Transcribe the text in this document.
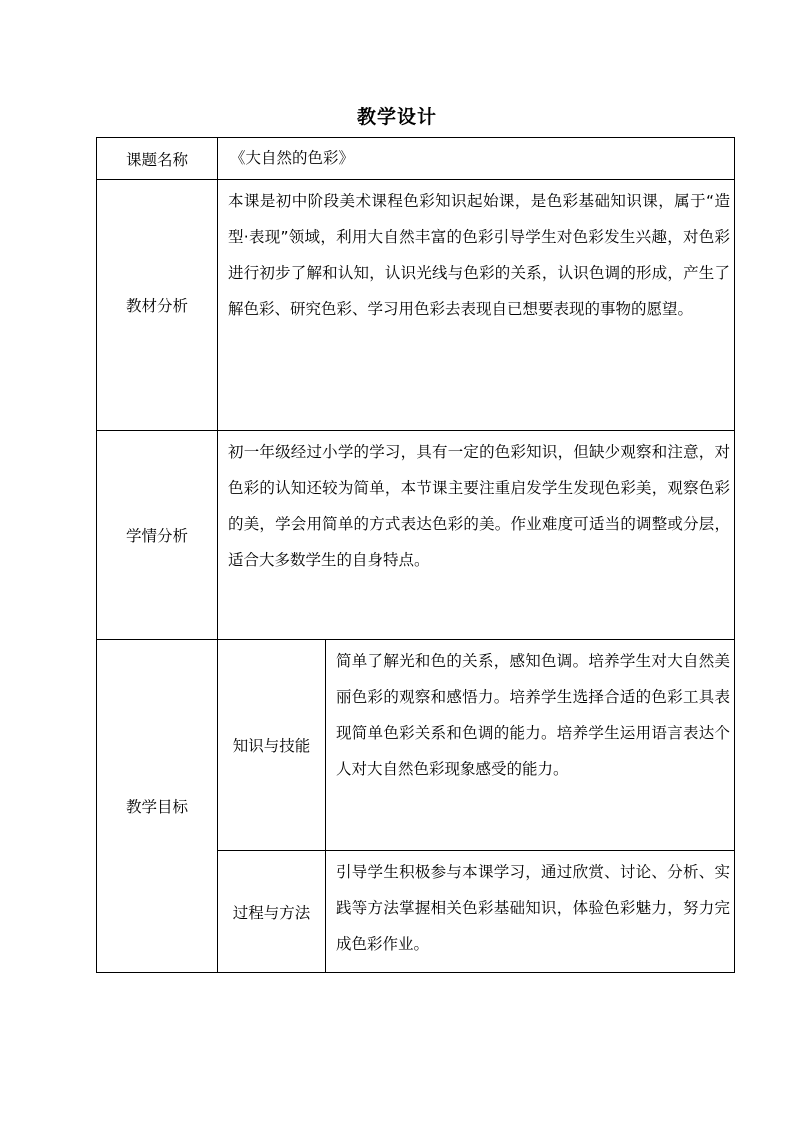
教学设计
课题名称	《大自然的色彩》	

教材分析	本课是初中阶段美术课程色彩知识起始课，是色彩基础知识课，属于“造型·表现”领域，利用大自然丰富的色彩引导学生对色彩发生兴趣，对色彩进行初步了解和认知，认识光线与色彩的关系，认识色调的形成，产生了解色彩、研究色彩、学习用色彩去表现自已想要表现的事物的愿望。	

学情分析	初一年级经过小学的学习，具有一定的色彩知识，但缺少观察和注意，对色彩的认知还较为简单，本节课主要注重启发学生发现色彩美，观察色彩的美，学会用简单的方式表达色彩的美。作业难度可适当的调整或分层，适合大多数学生的自身特点。	

教学目标	知识与技能	简单了解光和色的关系，感知色调。培养学生对大自然美丽色彩的观察和感悟力。培养学生选择合适的色彩工具表现简单色彩关系和色调的能力。培养学生运用语言表达个人对大自然色彩现象感受的能力。

	过程与方法	引导学生积极参与本课学习，通过欣赏、讨论、分析、实践等方法掌握相关色彩基础知识，体验色彩魅力，努力完成色彩作业。
